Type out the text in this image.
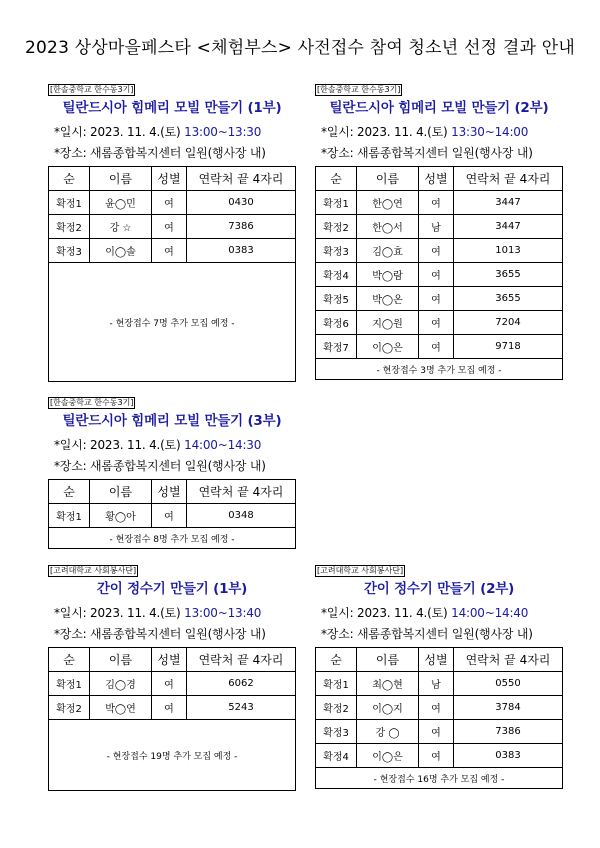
2023 상상마을페스타 <체험부스> 사전접수 참여 청소년 선정 결과 안내
[한솔중학교 한수동3기]
틸란드시아 힘메리 모빌 만들기 (1부)
*일시: 2023. 11. 4.(토) 13:00~13:30
*장소: 새롬종합복지센터 일원(행사장 내)
순	이름	성별	연락처 끝 4자리
확정1	윤◯민	여	0430
확정2	강 ☆	여	7386
확정3	이◯솔	여	0383
- 현장접수 7명 추가 모집 예정 -
[한솔중학교 한수동3기]
틸란드시아 힘메리 모빌 만들기 (2부)
*일시: 2023. 11. 4.(토) 13:30~14:00
*장소: 새롬종합복지센터 일원(행사장 내)
순	이름	성별	연락처 끝 4자리
확정1	한◯연	여	3447
확정2	한◯서	남	3447
확정3	김◯효	여	1013
확정4	박◯람	여	3655
확정5	박◯온	여	3655
확정6	지◯원	여	7204
확정7	이◯은	여	9718
- 현장접수 3명 추가 모집 예정 -
[한솔중학교 한수동3기]
틸란드시아 힘메리 모빌 만들기 (3부)
*일시: 2023. 11. 4.(토) 14:00~14:30
*장소: 새롬종합복지센터 일원(행사장 내)
순	이름	성별	연락처 끝 4자리
확정1	황◯아	여	0348
- 현장접수 8명 추가 모집 예정 -
[고려대학교 사회봉사단]
간이 정수기 만들기 (1부)
*일시: 2023. 11. 4.(토) 13:00~13:40
*장소: 새롬종합복지센터 일원(행사장 내)
순	이름	성별	연락처 끝 4자리
확정1	김◯경	여	6062
확정2	박◯연	여	5243
- 현장접수 19명 추가 모집 예정 -
[고려대학교 사회봉사단]
간이 정수기 만들기 (2부)
*일시: 2023. 11. 4.(토) 14:00~14:40
*장소: 새롬종합복지센터 일원(행사장 내)
순	이름	성별	연락처 끝 4자리
확정1	최◯현	남	0550
확정2	이◯지	여	3784
확정3	강 ◯	여	7386
확정4	이◯은	여	0383
- 현장접수 16명 추가 모집 예정 -
